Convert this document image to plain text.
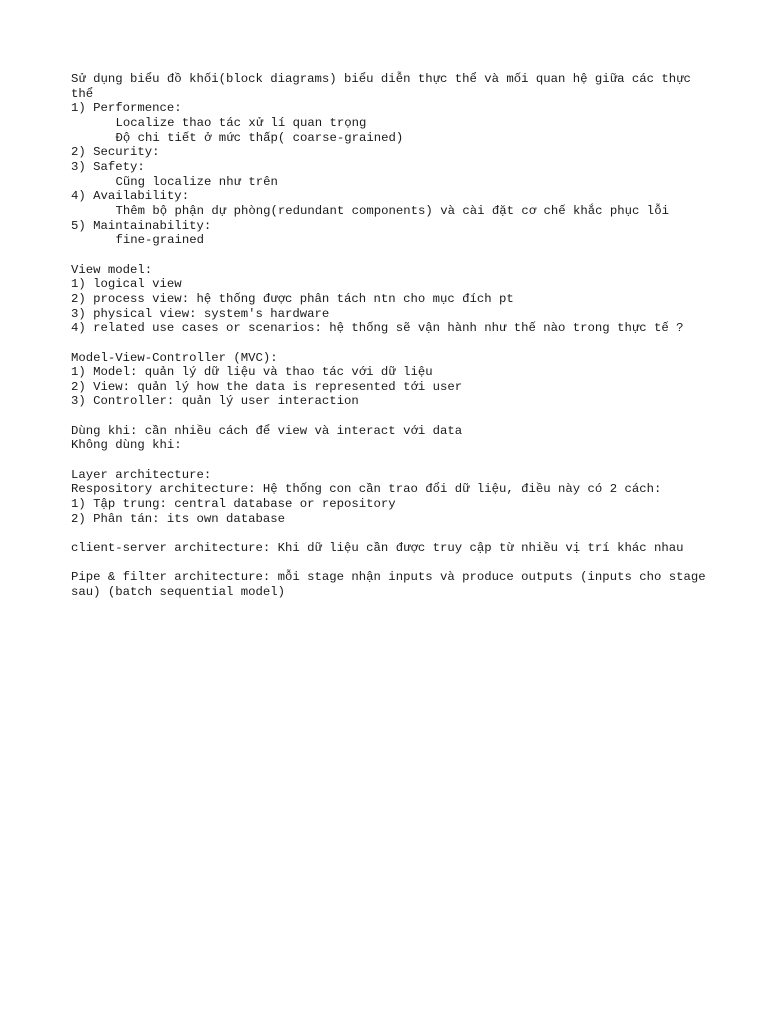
Sử dụng biểu đồ khối(block diagrams) biểu diễn thực thể và mối quan hệ giữa các thực thể
1) Performence:
Localize thao tác xử lí quan trọng
Độ chi tiết ở mức thấp( coarse-grained)
2) Security:
3) Safety:
Cũng localize như trên
4) Availability:
Thêm bộ phận dự phòng(redundant components) và cài đặt cơ chế khắc phục lỗi
5) Maintainability:
fine-grained
View model:
1) logical view
2) process view: hệ thống được phân tách ntn cho mục đích pt
3) physical view: system's hardware
4) related use cases or scenarios: hệ thống sẽ vận hành như thế nào trong thực tế ?
Model-View-Controller (MVC):
1) Model: quản lý dữ liệu và thao tác với dữ liệu
2) View: quản lý how the data is represented tới user
3) Controller: quản lý user interaction
Dùng khi: cần nhiều cách để view và interact với data
Không dùng khi:
Layer architecture:
Respository architecture: Hệ thống con cần trao đổi dữ liệu, điều này có 2 cách:
1) Tập trung: central database or repository
2) Phân tán: its own database
client-server architecture: Khi dữ liệu cần được truy cập từ nhiều vị trí khác nhau
Pipe & filter architecture: mỗi stage nhận inputs và produce outputs (inputs cho stage sau) (batch sequential model)
